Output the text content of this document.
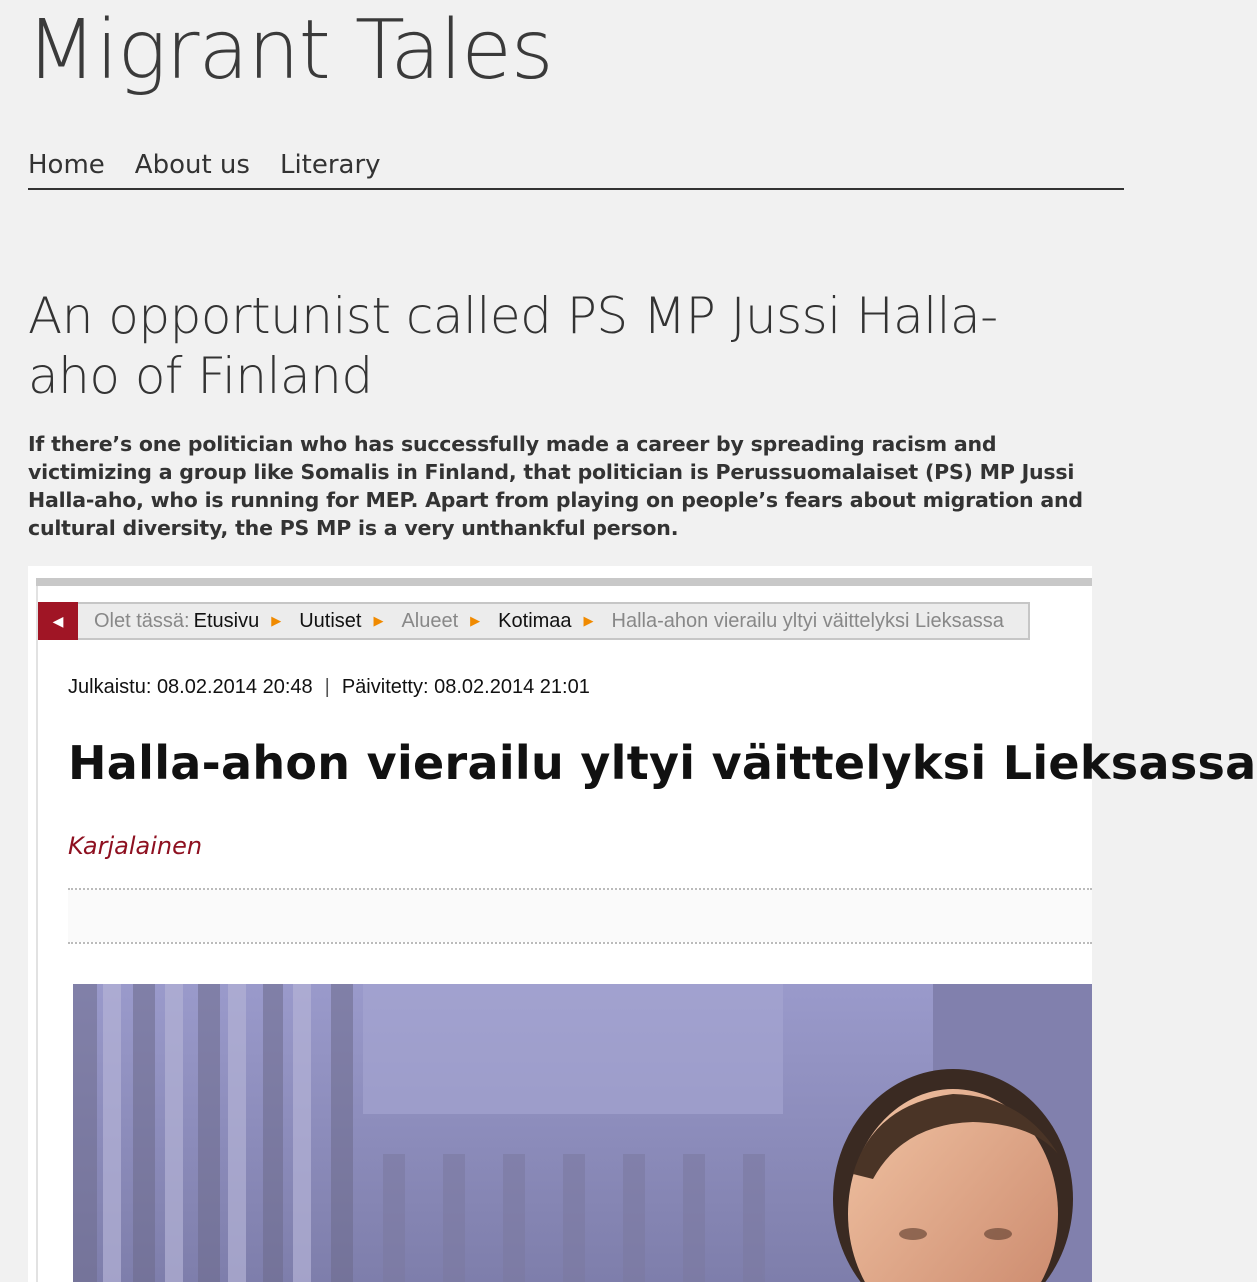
Migrant Tales
Home About us Literary
An opportunist called PS MP Jussi Halla-aho of Finland

If there’s one politician who has successfully made a career by spreading racism and victimizing a group like Somalis in Finland, that politician is Perussuomalaiset (PS) MP Jussi Halla-aho, who is running for MEP. Apart from playing on people’s fears about migration and cultural diversity, the PS MP is a very unthankful person.

◀	Olet tässä: Etusivu ▶ Uutiset ▶ Alueet ▶ Kotimaa ▶ Halla-ahon vierailu yltyi väittelyksi Lieksassa
Julkaistu: 08.02.2014 20:48 | Päivitetty: 08.02.2014 21:01
Halla-ahon vierailu yltyi väittelyksi Lieksassa
Karjalainen
